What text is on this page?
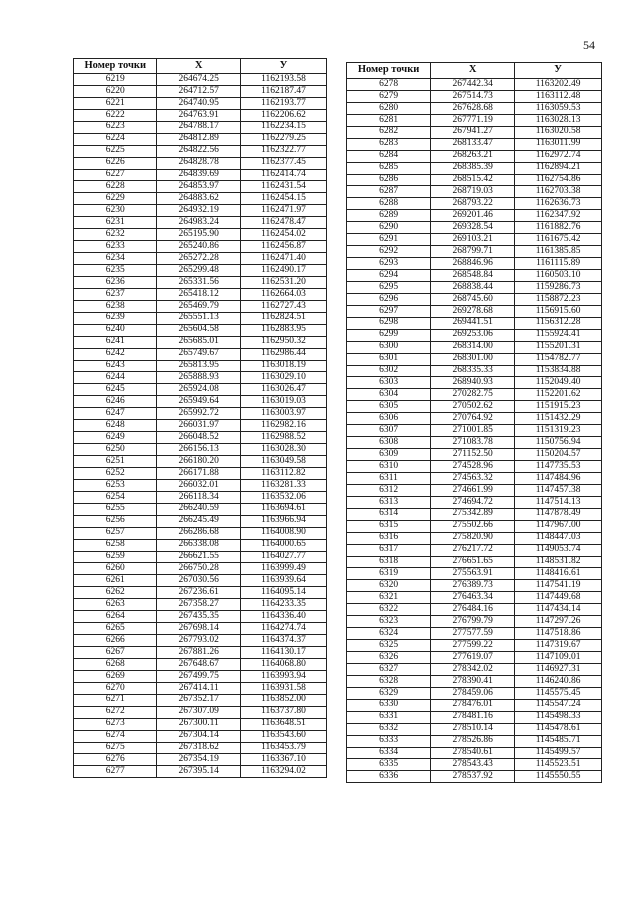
54
Номер точки	X	У
6219	264674.25	1162193.58
6220	264712.57	1162187.47
6221	264740.95	1162193.77
6222	264763.91	1162206.62
6223	264788.17	1162234.15
6224	264812.89	1162279.25
6225	264822.56	1162322.77
6226	264828.78	1162377.45
6227	264839.69	1162414.74
6228	264853.97	1162431.54
6229	264883.62	1162454.15
6230	264932.19	1162471.97
6231	264983.24	1162478.47
6232	265195.90	1162454.02
6233	265240.86	1162456.87
6234	265272.28	1162471.40
6235	265299.48	1162490.17
6236	265331.56	1162531.20
6237	265418.12	1162664.03
6238	265469.79	1162727.43
6239	265551.13	1162824.51
6240	265604.58	1162883.95
6241	265685.01	1162950.32
6242	265749.67	1162986.44
6243	265813.95	1163018.19
6244	265888.93	1163029.10
6245	265924.08	1163026.47
6246	265949.64	1163019.03
6247	265992.72	1163003.97
6248	266031.97	1162982.16
6249	266048.52	1162988.52
6250	266156.13	1163028.30
6251	266180.20	1163049.58
6252	266171.88	1163112.82
6253	266032.01	1163281.33
6254	266118.34	1163532.06
6255	266240.59	1163694.61
6256	266245.49	1163966.94
6257	266286.68	1164008.90
6258	266338.08	1164000.65
6259	266621.55	1164027.77
6260	266750.28	1163999.49
6261	267030.56	1163939.64
6262	267236.61	1164095.14
6263	267358.27	1164233.35
6264	267435.35	1164336.40
6265	267698.14	1164274.74
6266	267793.02	1164374.37
6267	267881.26	1164130.17
6268	267648.67	1164068.80
6269	267499.75	1163993.94
6270	267414.11	1163931.58
6271	267352.17	1163852.00
6272	267307.09	1163737.80
6273	267300.11	1163648.51
6274	267304.14	1163543.60
6275	267318.62	1163453.79
6276	267354.19	1163367.10
6277	267395.14	1163294.02
Номер точки	X	У
6278	267442.34	1163202.49
6279	267514.73	1163112.48
6280	267628.68	1163059.53
6281	267771.19	1163028.13
6282	267941.27	1163020.58
6283	268133.47	1163011.99
6284	268263.21	1162972.74
6285	268385.39	1162894.21
6286	268515.42	1162754.86
6287	268719.03	1162703.38
6288	268793.22	1162636.73
6289	269201.46	1162347.92
6290	269328.54	1161882.76
6291	269103.21	1161675.42
6292	268799.71	1161385.85
6293	268846.96	1161115.89
6294	268548.84	1160503.10
6295	268838.44	1159286.73
6296	268745.60	1158872.23
6297	269278.68	1156915.60
6298	269441.51	1156312.28
6299	269253.06	1155924.41
6300	268314.00	1155201.31
6301	268301.00	1154782.77
6302	268335.33	1153834.88
6303	268940.93	1152049.40
6304	270282.75	1152201.62
6305	270502.62	1151915.23
6306	270764.92	1151432.29
6307	271001.85	1151319.23
6308	271083.78	1150756.94
6309	271152.50	1150204.57
6310	274528.96	1147735.53
6311	274563.32	1147484.96
6312	274661.99	1147457.38
6313	274694.72	1147514.13
6314	275342.89	1147878.49
6315	275502.66	1147967.00
6316	275820.90	1148447.03
6317	276217.72	1149053.74
6318	276651.65	1148531.82
6319	275563.91	1148416.61
6320	276389.73	1147541.19
6321	276463.34	1147449.68
6322	276484.16	1147434.14
6323	276799.79	1147297.26
6324	277577.59	1147518.86
6325	277599.22	1147319.67
6326	277619.07	1147109.01
6327	278342.02	1146927.31
6328	278390.41	1146240.86
6329	278459.06	1145575.45
6330	278476.01	1145547.24
6331	278481.16	1145498.33
6332	278510.14	1145478.61
6333	278526.86	1145485.71
6334	278540.61	1145499.57
6335	278543.43	1145523.51
6336	278537.92	1145550.55
